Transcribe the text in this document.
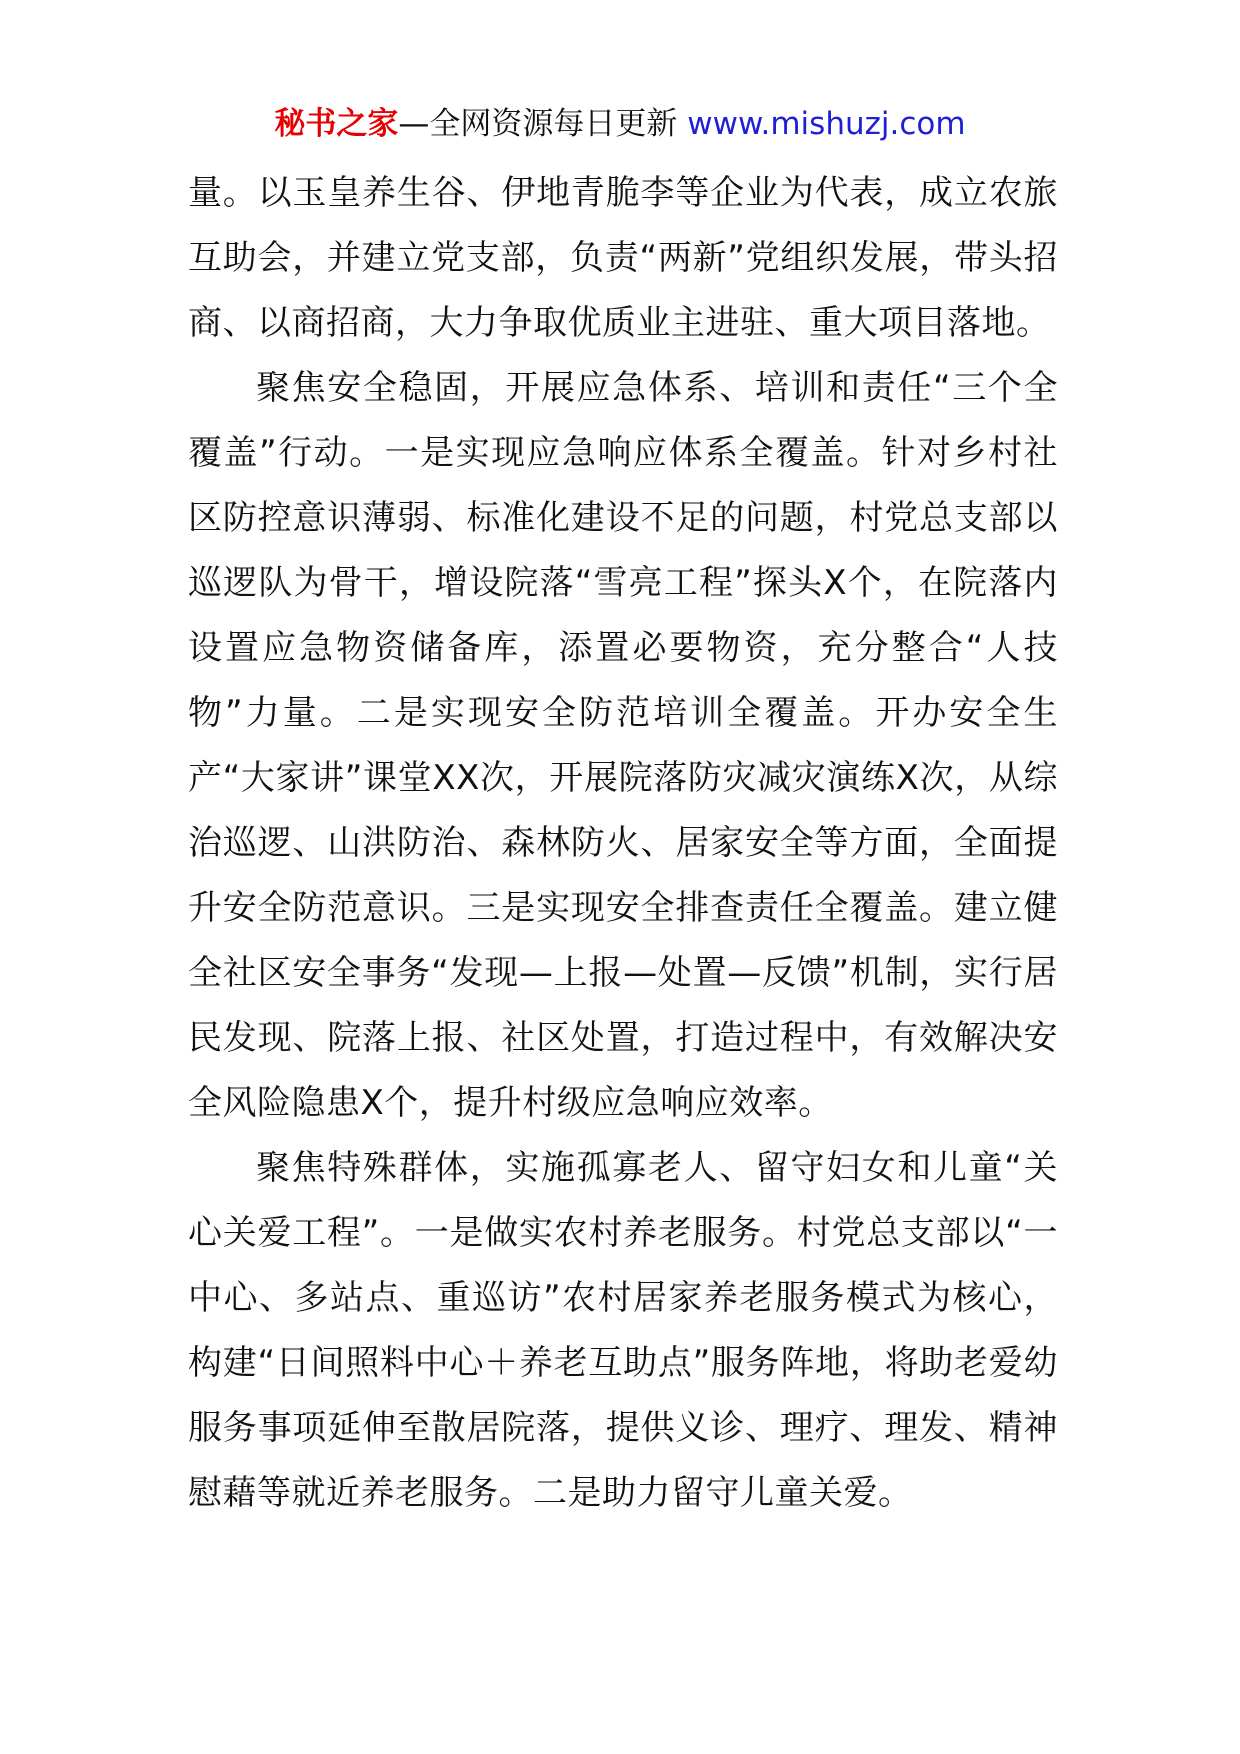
秘书之家—全网资源每日更新 www.mishuzj.com

量。以玉皇养生谷、伊地青脆李等企业为代表，成立农旅互助会，并建立党支部，负责“两新”党组织发展，带头招商、以商招商，大力争取优质业主进驻、重大项目落地。

聚焦安全稳固，开展应急体系、培训和责任“三个全覆盖”行动。一是实现应急响应体系全覆盖。针对乡村社区防控意识薄弱、标准化建设不足的问题，村党总支部以巡逻队为骨干，增设院落“雪亮工程”探头X个，在院落内设置应急物资储备库，添置必要物资，充分整合“人技物”力量。二是实现安全防范培训全覆盖。开办安全生产“大家讲”课堂XX次，开展院落防灾减灾演练X次，从综治巡逻、山洪防治、森林防火、居家安全等方面，全面提升安全防范意识。三是实现安全排查责任全覆盖。建立健全社区安全事务“发现—上报—处置—反馈”机制，实行居民发现、院落上报、社区处置，打造过程中，有效解决安全风险隐患X个，提升村级应急响应效率。

聚焦特殊群体，实施孤寡老人、留守妇女和儿童“关心关爱工程”。一是做实农村养老服务。村党总支部以“一中心、多站点、重巡访”农村居家养老服务模式为核心，构建“日间照料中心＋养老互助点”服务阵地，将助老爱幼服务事项延伸至散居院落，提供义诊、理疗、理发、精神慰藉等就近养老服务。二是助力留守儿童关爱。
